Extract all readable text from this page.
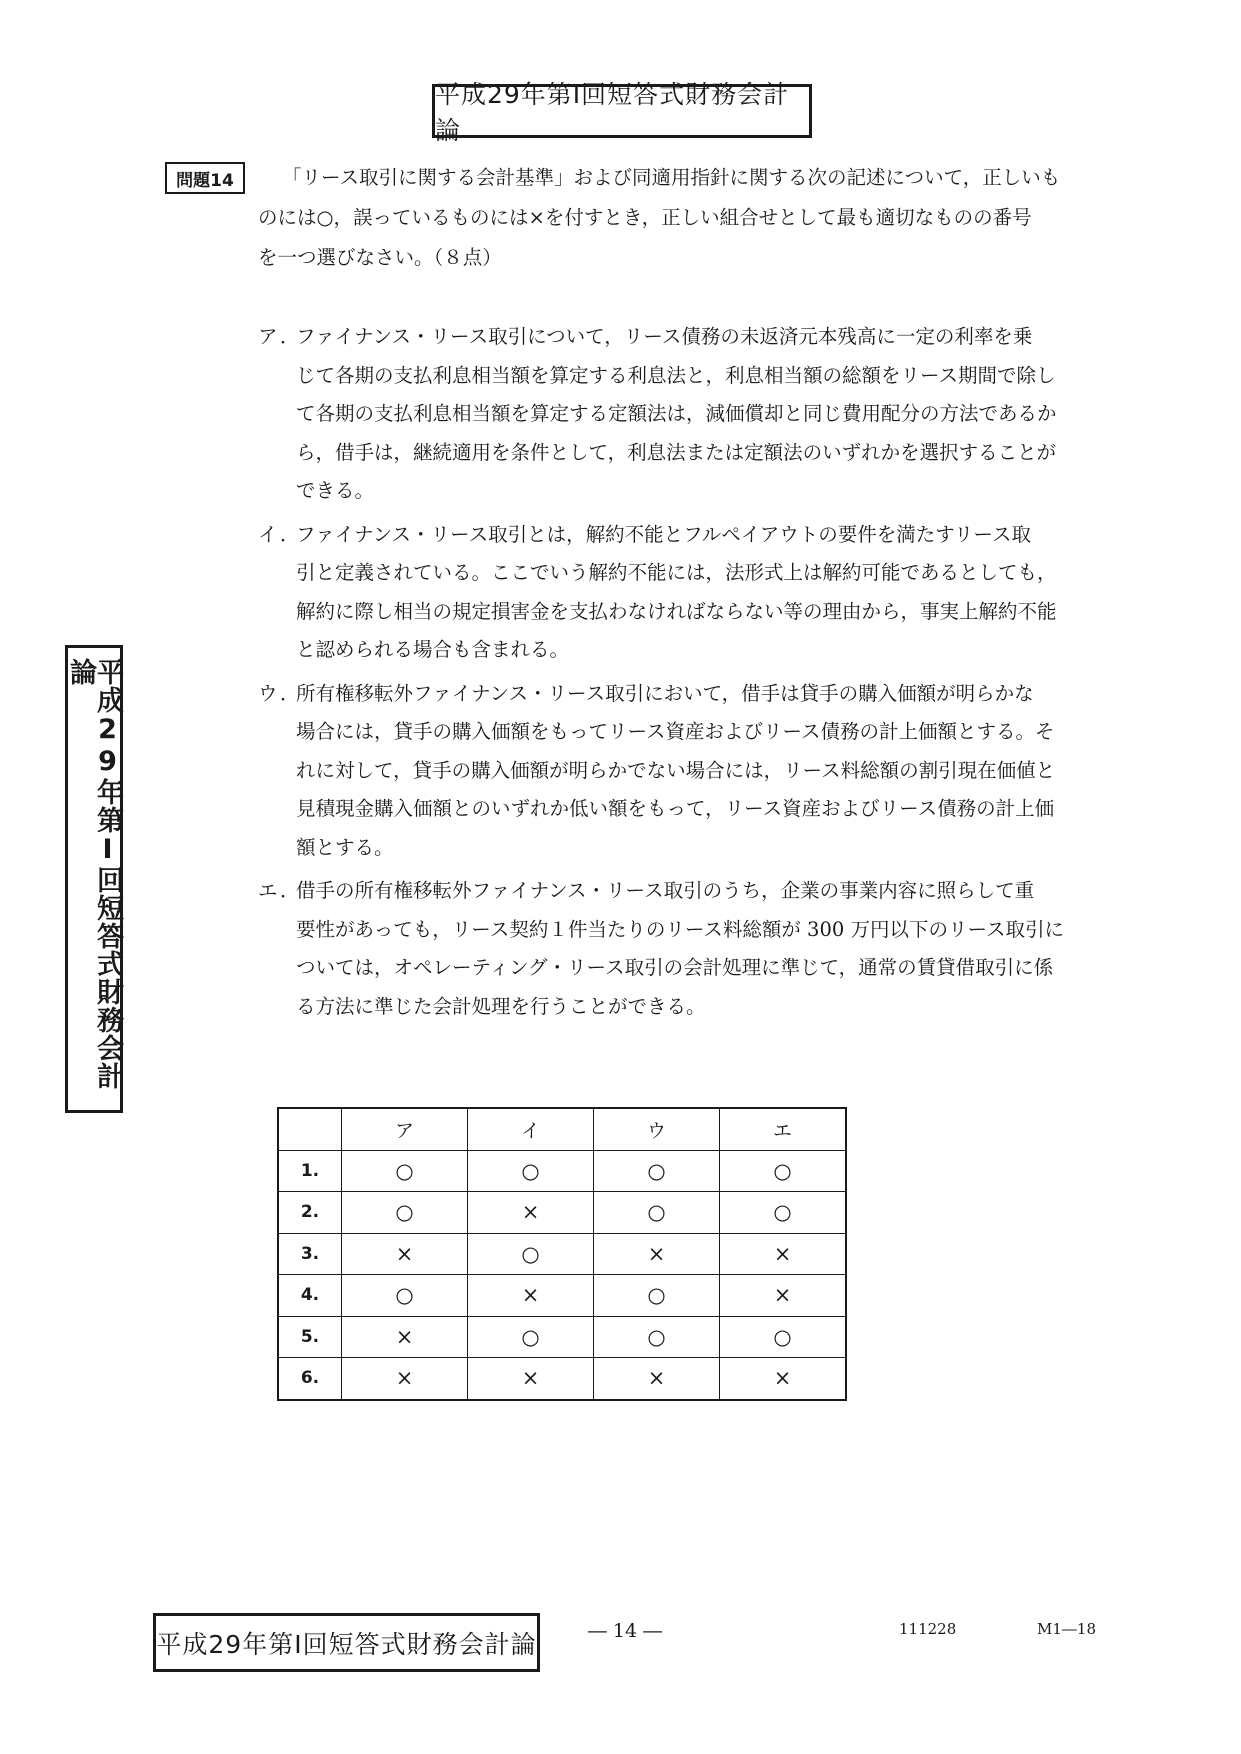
平成29年第Ⅰ回短答式財務会計論
問題14	「リース取引に関する会計基準」および同適用指針に関する次の記述について，正しいも
のには○，誤っているものには×を付すとき，正しい組合せとして最も適切なものの番号
を一つ選びなさい。（８点）
ア ．
ファイナンス・リース取引について，リース債務の未返済元本残高に一定の利率を乗
じて各期の支払利息相当額を算定する利息法と，利息相当額の総額をリース期間で除し
て各期の支払利息相当額を算定する定額法は，減価償却と同じ費用配分の方法であるか
ら，借手は，継続適用を条件として，利息法または定額法のいずれかを選択することが
できる。
イ ．
ファイナンス・リース取引とは，解約不能とフルペイアウトの要件を満たすリース取
引と定義されている。ここでいう解約不能には，法形式上は解約可能であるとしても，
解約に際し相当の規定損害金を支払わなければならない等の理由から，事実上解約不能
と認められる場合も含まれる。
ウ ．
所有権移転外ファイナンス・リース取引において，借手は貸手の購入価額が明らかな
場合には，貸手の購入価額をもってリース資産およびリース債務の計上価額とする。そ
れに対して，貸手の購入価額が明らかでない場合には，リース料総額の割引現在価値と
見積現金購入価額とのいずれか低い額をもって，リース資産およびリース債務の計上価
額とする。
エ ．
借手の所有権移転外ファイナンス・リース取引のうち，企業の事業内容に照らして重
要性があっても，リース契約１件当たりのリース料総額が 300 万円以下のリース取引に
ついては，オペレーティング・リース取引の会計処理に準じて，通常の賃貸借取引に係
る方法に準じた会計処理を行うことができる。
平成29年第Ⅰ回短答式財務会計論
	ア	イ	ウ	エ
1.	○	○	○	○
2.	○	×	○	○
3.	×	○	×	×
4.	○	×	○	×
5.	×	○	○	○
6.	×	×	×	×
平成29年第Ⅰ回短答式財務会計論	― 14 ―	111228	M1―18
